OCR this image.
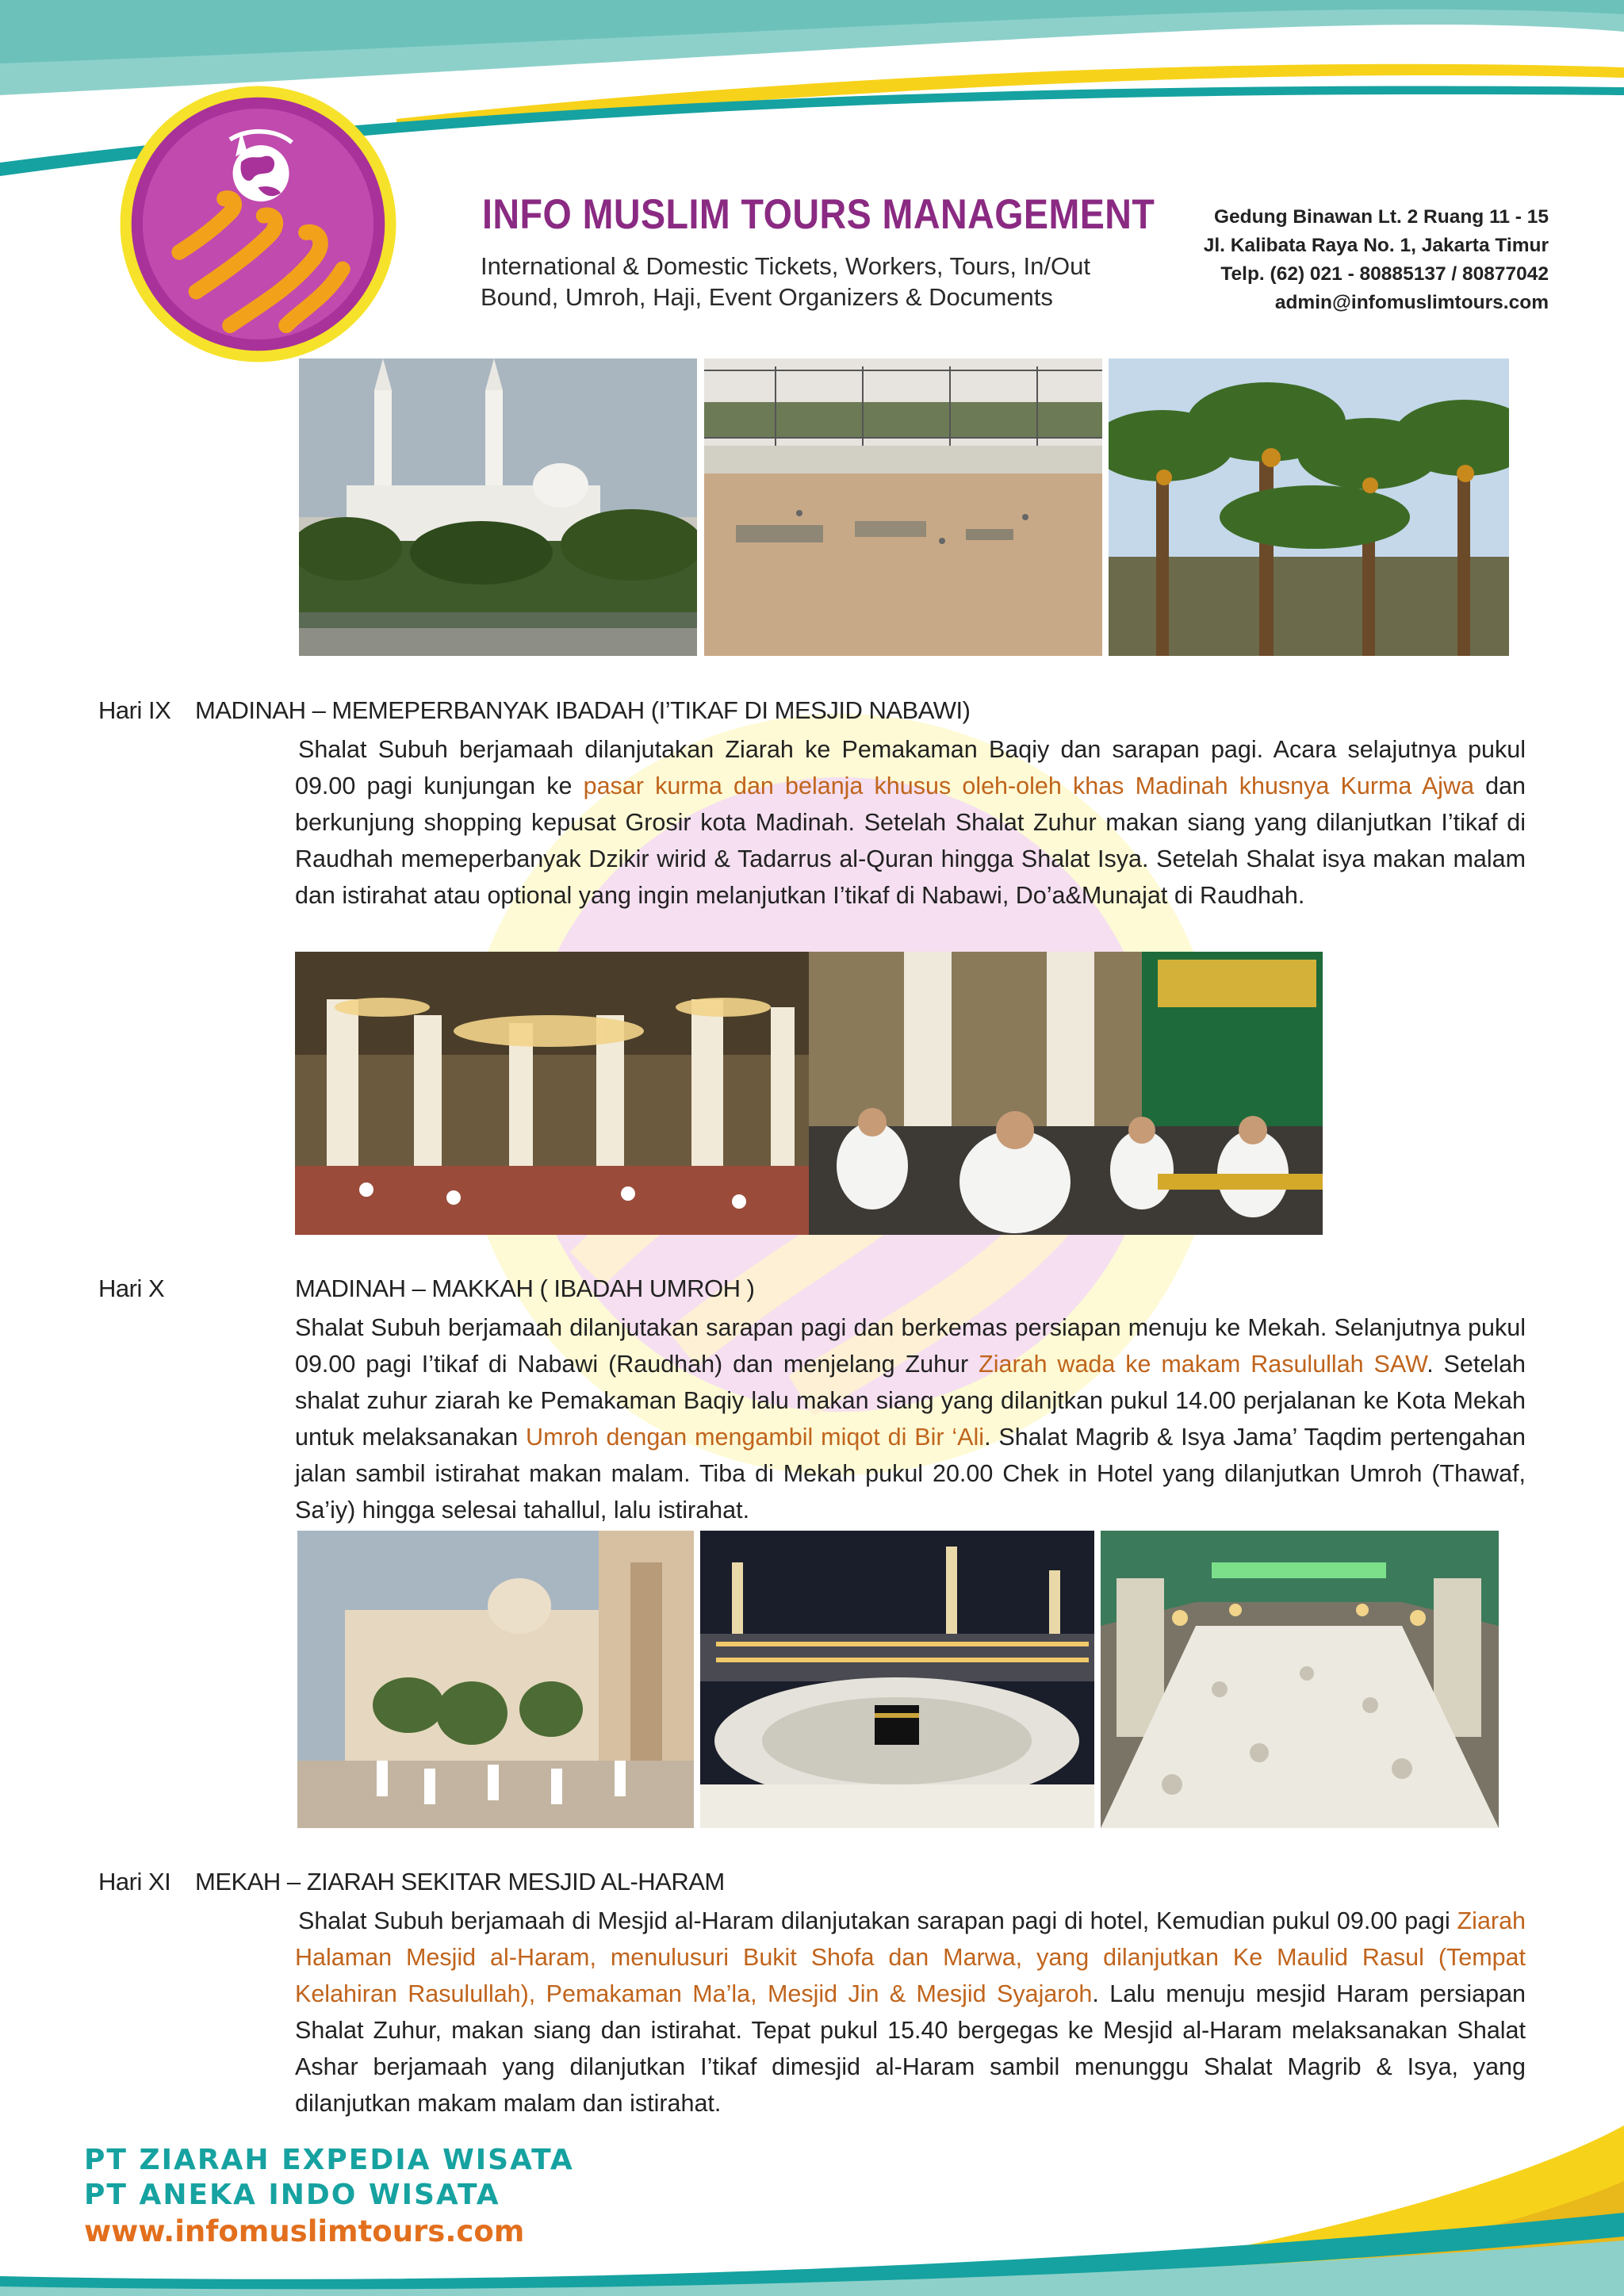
INFO MUSLIM TOURS MANAGEMENT
International & Domestic Tickets, Workers, Tours, In/Out
Bound, Umroh, Haji, Event Organizers & Documents
Gedung Binawan Lt. 2 Ruang 11 - 15
Jl. Kalibata Raya No. 1, Jakarta Timur
Telp. (62) 021 - 80885137 / 80877042
admin@infomuslimtours.com
Hari IX MADINAH – MEMEPERBANYAK IBADAH (I’TIKAF DI MESJID NABAWI)
Shalat Subuh berjamaah dilanjutakan Ziarah ke Pemakaman Baqiy dan sarapan pagi. Acara selajutnya pukul 09.00 pagi kunjungan ke pasar kurma dan belanja khusus oleh-oleh khas Madinah khusnya Kurma Ajwa dan berkunjung shopping kepusat Grosir kota Madinah. Setelah Shalat Zuhur makan siang yang dilanjutkan I’tikaf di Raudhah memeperbanyak Dzikir wirid & Tadarrus al-Quran hingga Shalat Isya. Setelah Shalat isya makan malam dan istirahat atau optional yang ingin melanjutkan I’tikaf di Nabawi, Do’a&Munajat di Raudhah.
Hari X	MADINAH – MAKKAH ( IBADAH UMROH )
Shalat Subuh berjamaah dilanjutakan sarapan pagi dan berkemas persiapan menuju ke Mekah. Selanjutnya pukul 09.00 pagi I’tikaf di Nabawi (Raudhah) dan menjelang Zuhur Ziarah wada ke makam Rasulullah SAW. Setelah shalat zuhur ziarah ke Pemakaman Baqiy lalu makan siang yang dilanjtkan pukul 14.00 perjalanan ke Kota Mekah untuk melaksanakan Umroh dengan mengambil miqot di Bir ‘Ali. Shalat Magrib & Isya Jama’ Taqdim pertengahan jalan sambil istirahat makan malam. Tiba di Mekah pukul 20.00 Chek in Hotel yang dilanjutkan Umroh (Thawaf, Sa’iy) hingga selesai tahallul, lalu istirahat.
Hari XI MEKAH – ZIARAH SEKITAR MESJID AL-HARAM
Shalat Subuh berjamaah di Mesjid al-Haram dilanjutakan sarapan pagi di hotel, Kemudian pukul 09.00 pagi Ziarah Halaman Mesjid al-Haram, menulusuri Bukit Shofa dan Marwa, yang dilanjutkan Ke Maulid Rasul (Tempat Kelahiran Rasulullah), Pemakaman Ma’la, Mesjid Jin & Mesjid Syajaroh. Lalu menuju mesjid Haram persiapan Shalat Zuhur, makan siang dan istirahat. Tepat pukul 15.40 bergegas ke Mesjid al-Haram melaksanakan Shalat Ashar berjamaah yang dilanjutkan I’tikaf dimesjid al-Haram sambil menunggu Shalat Magrib & Isya, yang dilanjutkan makam malam dan istirahat.
PT ZIARAH EXPEDIA WISATA
PT ANEKA INDO WISATA
www.infomuslimtours.com
